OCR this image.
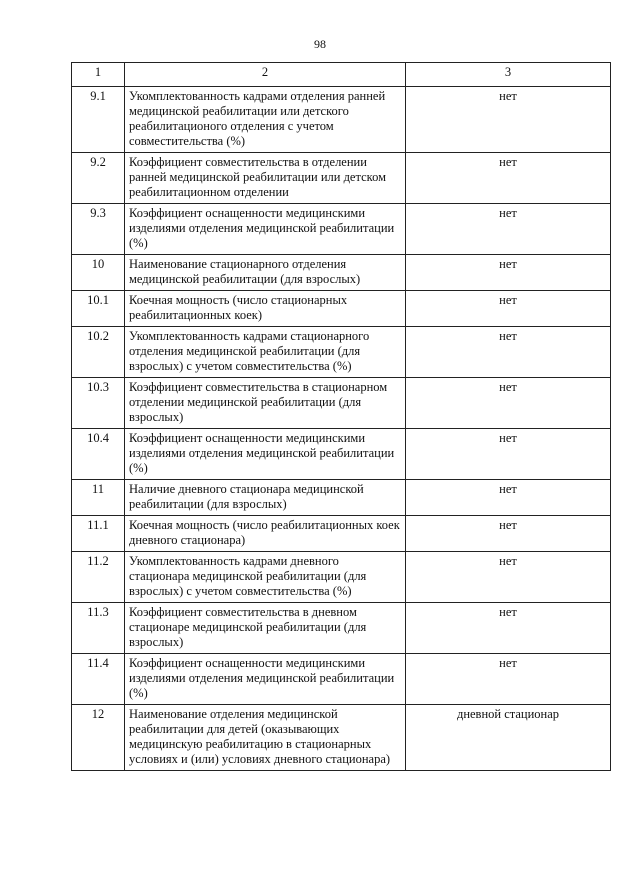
98
1	2	3
9.1	Укомплектованность кадрами отделения ранней медицинской реабилитации или детского реабилитационого отделения с учетом совместительства (%)	нет
9.2	Коэффициент совместительства в отделении ранней медицинской реабилитации или детском реабилитационном отделении	нет
9.3	Коэффициент оснащенности медицинскими изделиями отделения медицинской реабилитации (%)	нет
10	Наименование стационарного отделения медицинской реабилитации (для взрослых)	нет
10.1	Коечная мощность (число стационарных реабилитационных коек)	нет
10.2	Укомплектованность кадрами стационарного отделения медицинской реабилитации (для взрослых) с учетом совместительства (%)	нет
10.3	Коэффициент совместительства в стационарном отделении медицинской реабилитации (для взрослых)	нет
10.4	Коэффициент оснащенности медицинскими изделиями отделения медицинской реабилитации (%)	нет
11	Наличие дневного стационара медицинской реабилитации (для взрослых)	нет
11.1	Коечная мощность (число реабилитационных коек дневного стационара)	нет
11.2	Укомплектованность кадрами дневного стационара медицинской реабилитации (для взрослых) с учетом совместительства (%)	нет
11.3	Коэффициент совместительства в дневном стационаре медицинской реабилитации (для взрослых)	нет
11.4	Коэффициент оснащенности медицинскими изделиями отделения медицинской реабилитации (%)	нет
12	Наименование отделения медицинской реабилитации для детей (оказывающих медицинскую реабилитацию в стационарных условиях и (или) условиях дневного стационара)	дневной стационар
